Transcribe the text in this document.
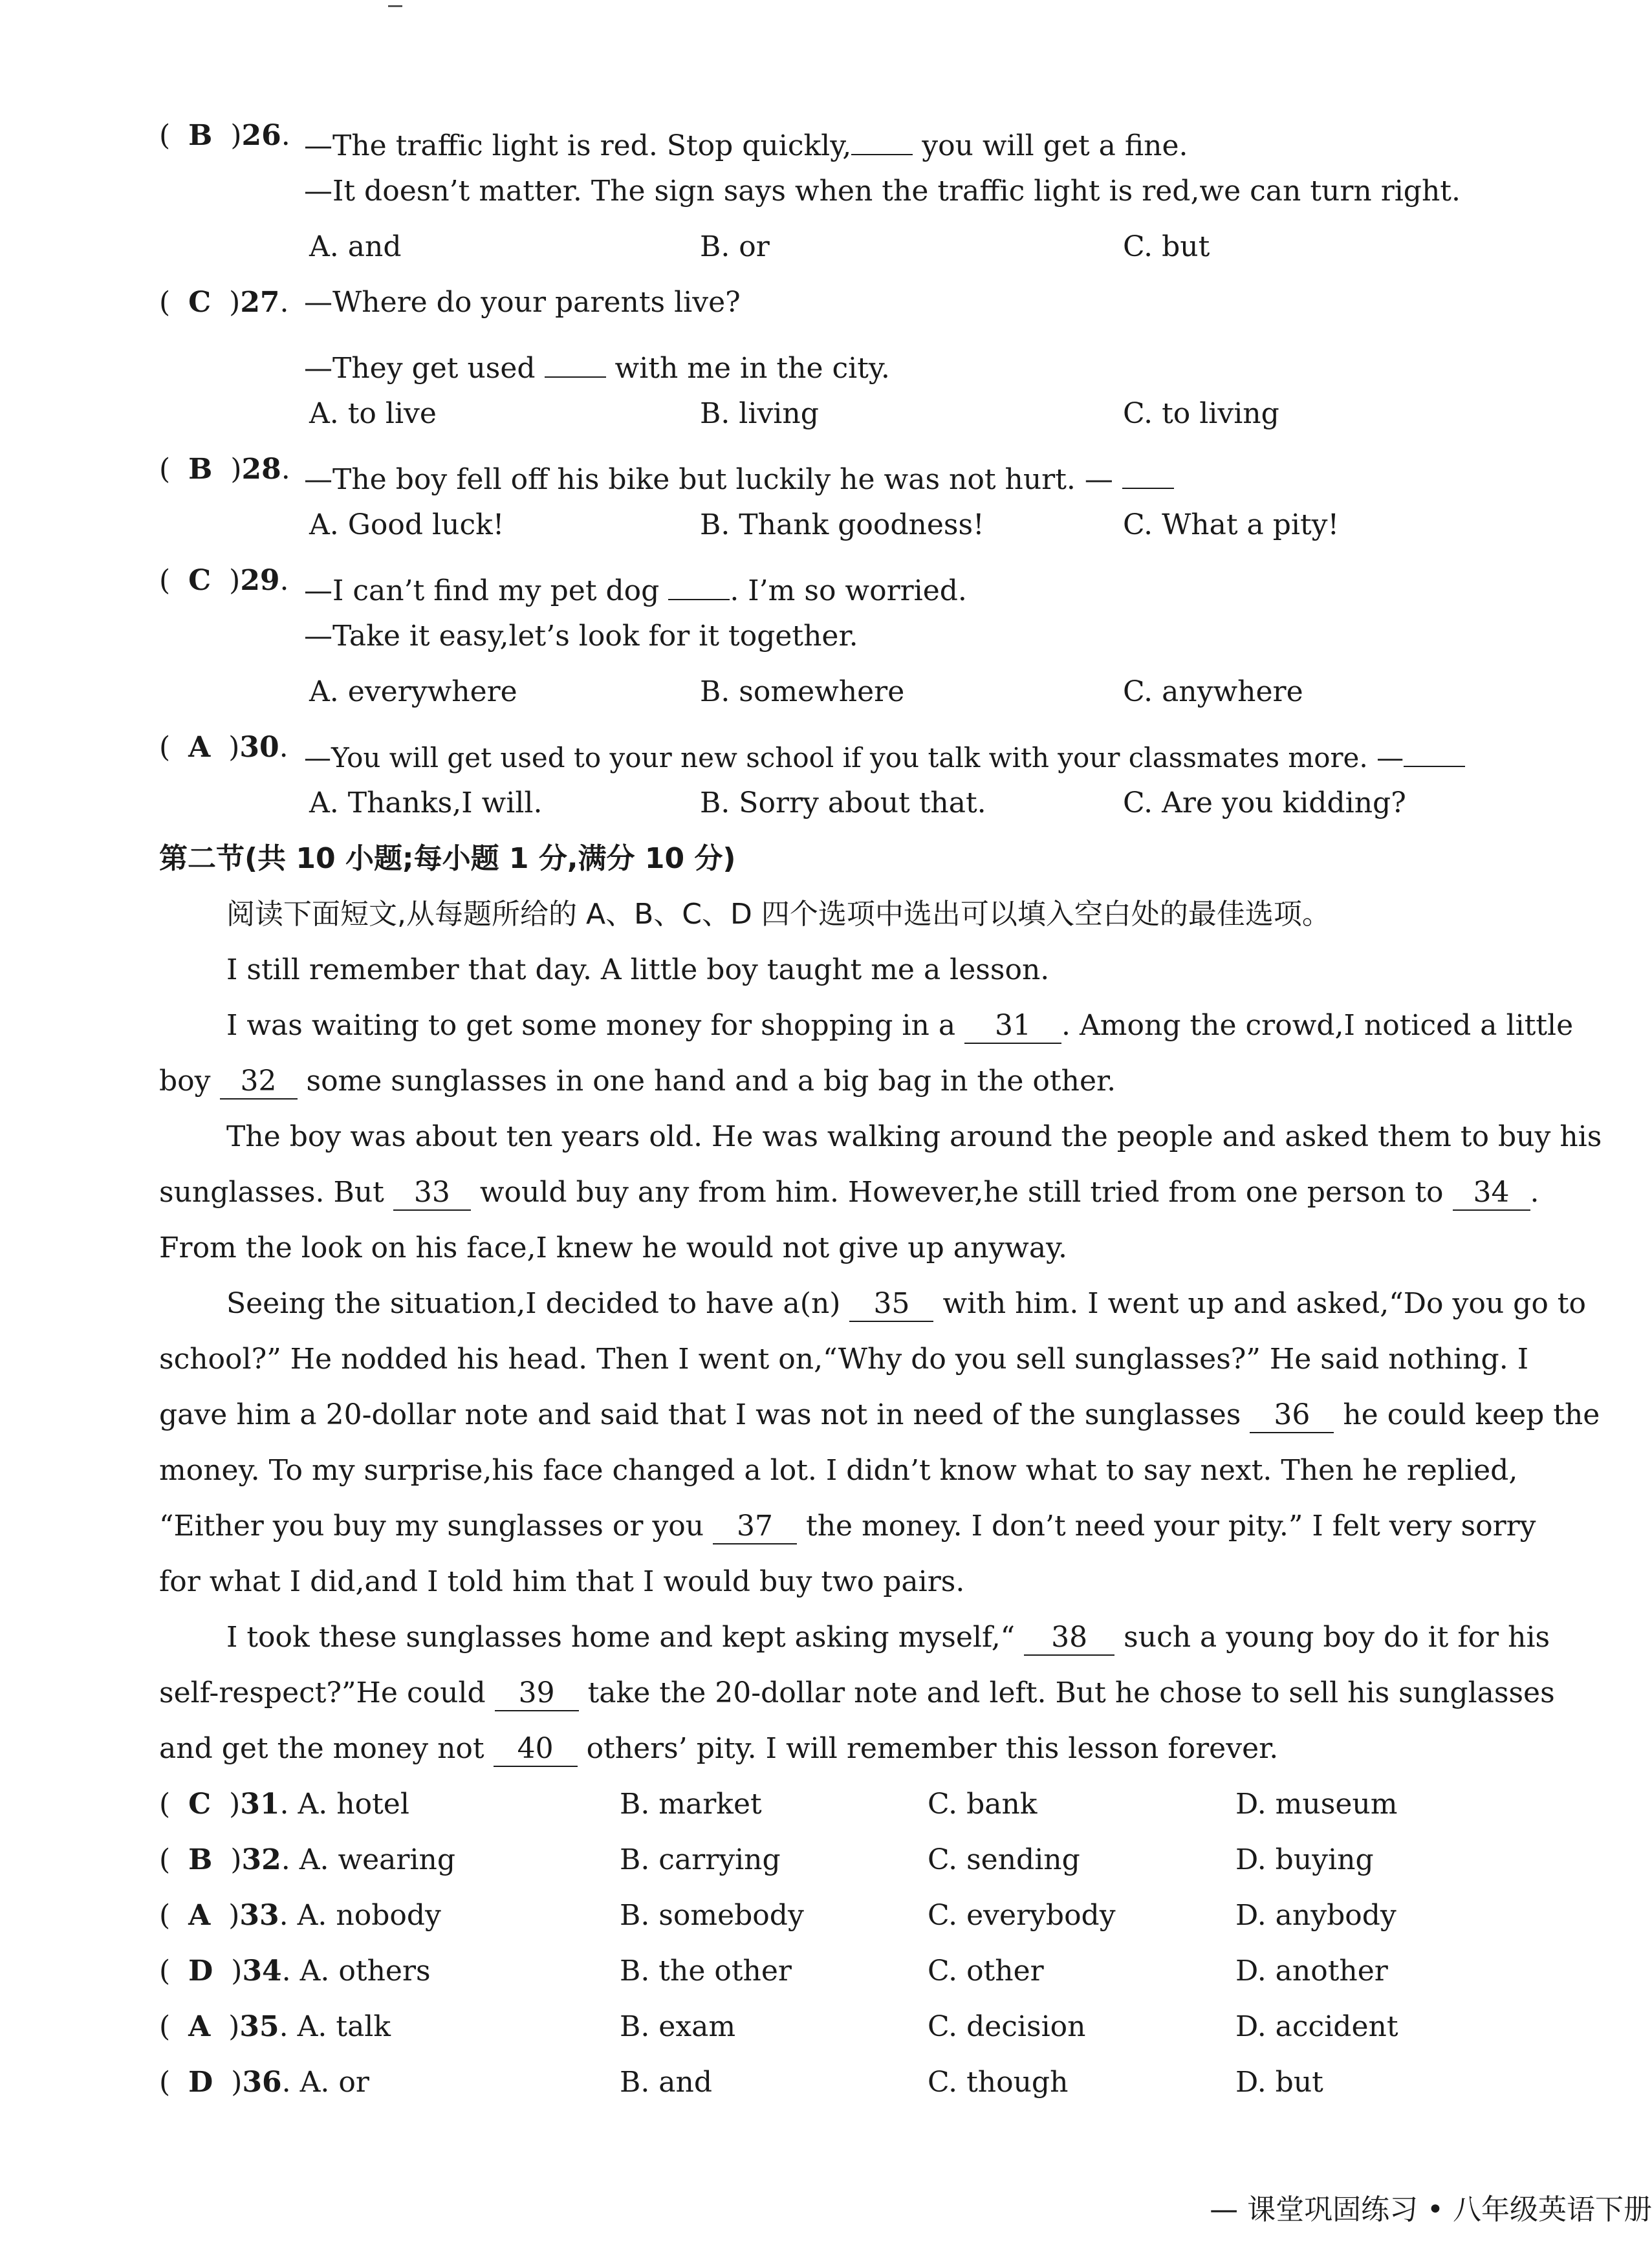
(  B  )26. —The traffic light is red. Stop quickly, you will get a fine.
—It doesn’t matter. The sign says when the traffic light is red,we can turn right.
A. and	B. or	C. but
(  C  )27. —Where do your parents live?
—They get used  with me in the city.
A. to live	B. living	C. to living
(  B  )28. —The boy fell off his bike but luckily he was not hurt. —
A. Good luck!	B. Thank goodness!	C. What a pity!
(  C  )29. —I can’t find my pet dog . I’m so worried.
—Take it easy,let’s look for it together.
A. everywhere	B. somewhere	C. anywhere
(  A  )30. —You will get used to your new school if you talk with your classmates more. —
A. Thanks,I will.	B. Sorry about that.	C. Are you kidding?
第二节(共 10 小题;每小题 1 分,满分 10 分)
阅读下面短文,从每题所给的 A、B、C、D 四个选项中选出可以填入空白处的最佳选项。
I still remember that day. A little boy taught me a lesson.
I was waiting to get some money for shopping in a 31 . Among the crowd,I noticed a little
boy 32 some sunglasses in one hand and a big bag in the other.
The boy was about ten years old. He was walking around the people and asked them to buy his
sunglasses. But 33 would buy any from him. However,he still tried from one person to 34 .
From the look on his face,I knew he would not give up anyway.
Seeing the situation,I decided to have a(n) 35 with him. I went up and asked,“Do you go to
school?” He nodded his head. Then I went on,“Why do you sell sunglasses?” He said nothing. I
gave him a 20-dollar note and said that I was not in need of the sunglasses 36 he could keep the
money. To my surprise,his face changed a lot. I didn’t know what to say next. Then he replied,
“Either you buy my sunglasses or you 37 the money. I don’t need your pity.” I felt very sorry
for what I did,and I told him that I would buy two pairs.
I took these sunglasses home and kept asking myself,“ 38 such a young boy do it for his
self-respect?”He could 39 take the 20-dollar note and left. But he chose to sell his sunglasses
and get the money not 40 others’ pity. I will remember this lesson forever.
(  C  )31. A. hotel	B. market	C. bank	D. museum
(  B  )32. A. wearing	B. carrying	C. sending	D. buying
(  A  )33. A. nobody	B. somebody	C. everybody	D. anybody
(  D  )34. A. others	B. the other	C. other	D. another
(  A  )35. A. talk	B. exam	C. decision	D. accident
(  D  )36. A. or	B. and	C. though	D. but
— 课堂巩固练习 • 八年级英语下册
